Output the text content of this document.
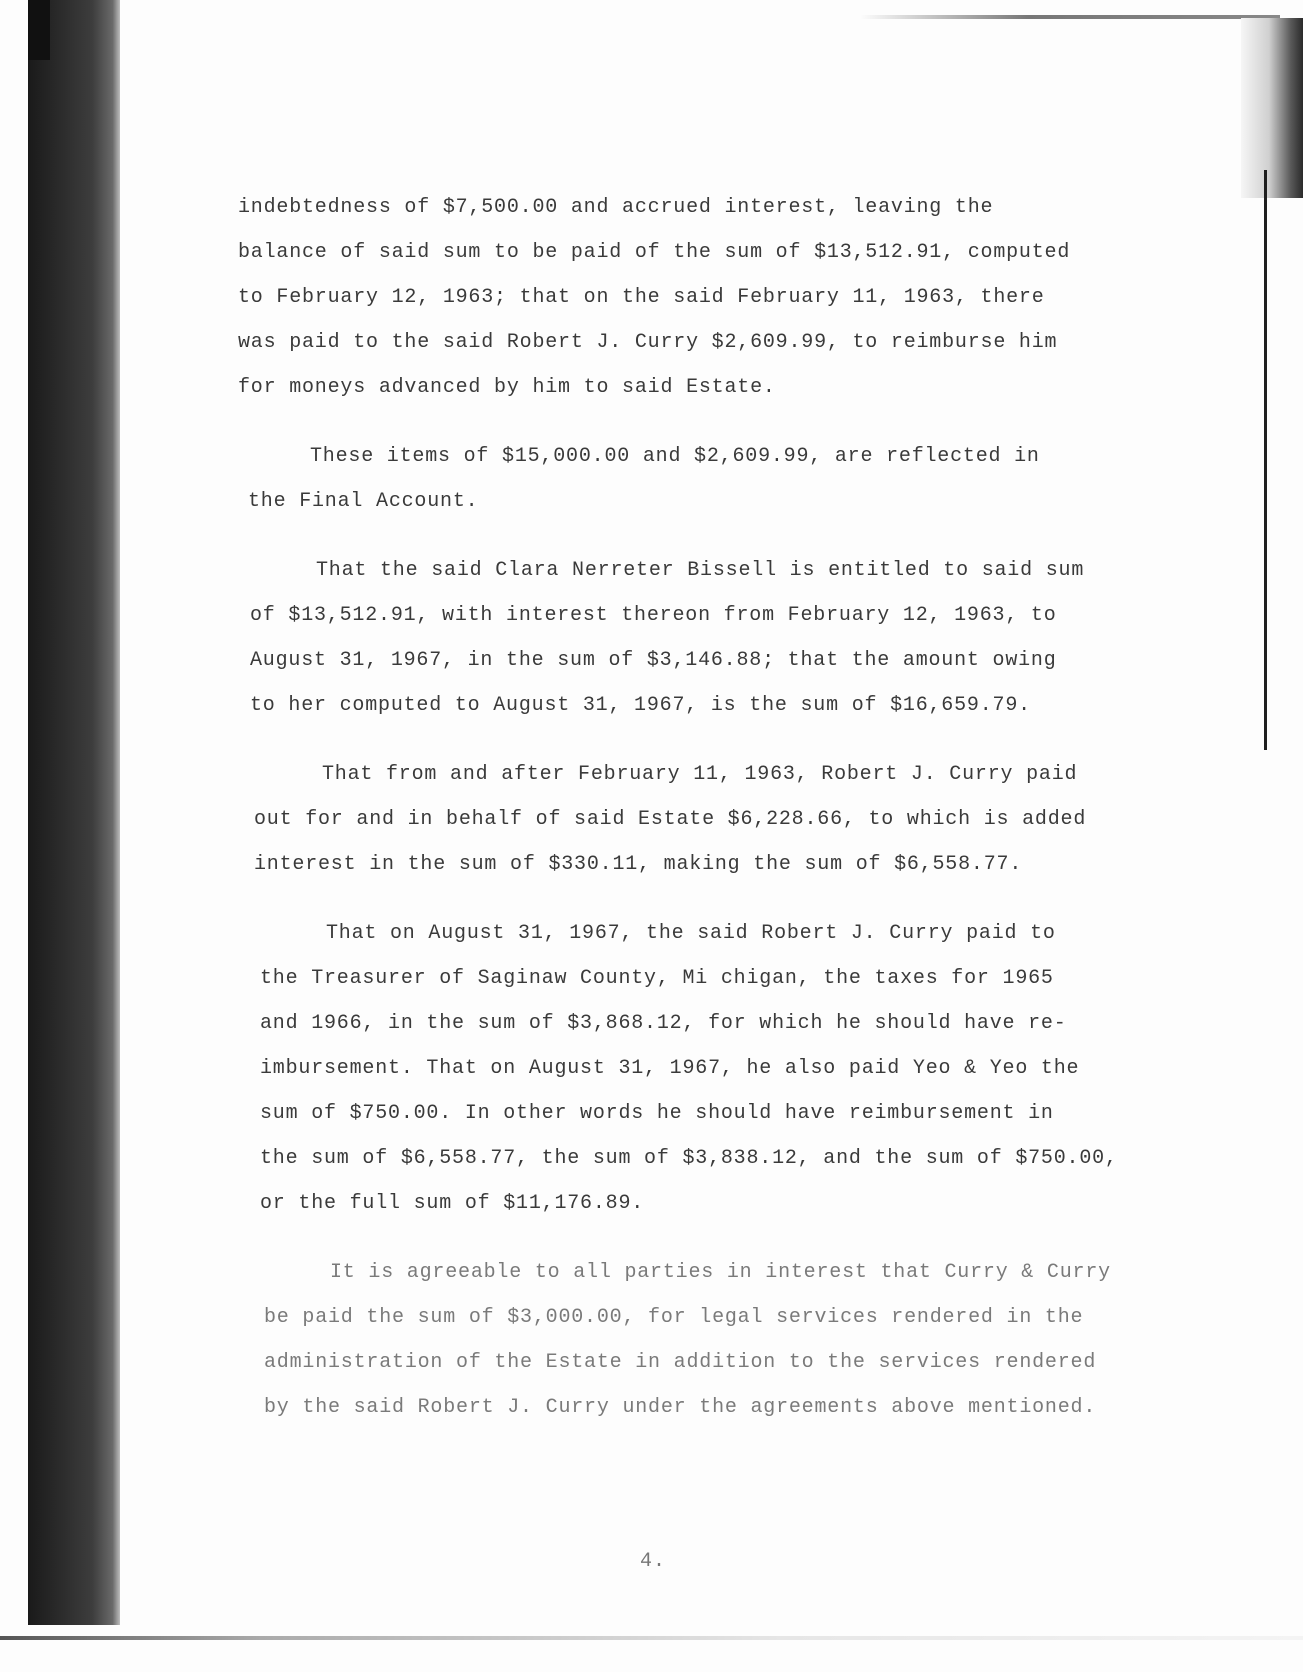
indebtedness of $7,500.00 and accrued interest, leaving the
balance of said sum to be paid of the sum of $13,512.91, computed
to February 12, 1963; that on the said February 11, 1963, there
was paid to the said Robert J. Curry $2,609.99, to reimburse him
for moneys advanced by him to said Estate.
These items of $15,000.00 and $2,609.99, are reflected in
the Final Account.
That the said Clara Nerreter Bissell is entitled to said sum
of $13,512.91, with interest thereon from February 12, 1963, to
August 31, 1967, in the sum of $3,146.88; that the amount owing
to her computed to August 31, 1967, is the sum of $16,659.79.
That from and after February 11, 1963, Robert J. Curry paid
out for and in behalf of said Estate $6,228.66, to which is added
interest in the sum of $330.11, making the sum of $6,558.77.
That on August 31, 1967, the said Robert J. Curry paid to
the Treasurer of Saginaw County, Mi chigan, the taxes for 1965
and 1966, in the sum of $3,868.12, for which he should have re-
imbursement. That on August 31, 1967, he also paid Yeo & Yeo the
sum of $750.00. In other words he should have reimbursement in
the sum of $6,558.77, the sum of $3,838.12, and the sum of $750.00,
or the full sum of $11,176.89.
It is agreeable to all parties in interest that Curry & Curry
be paid the sum of $3,000.00, for legal services rendered in the
administration of the Estate in addition to the services rendered
by the said Robert J. Curry under the agreements above mentioned.
4.
